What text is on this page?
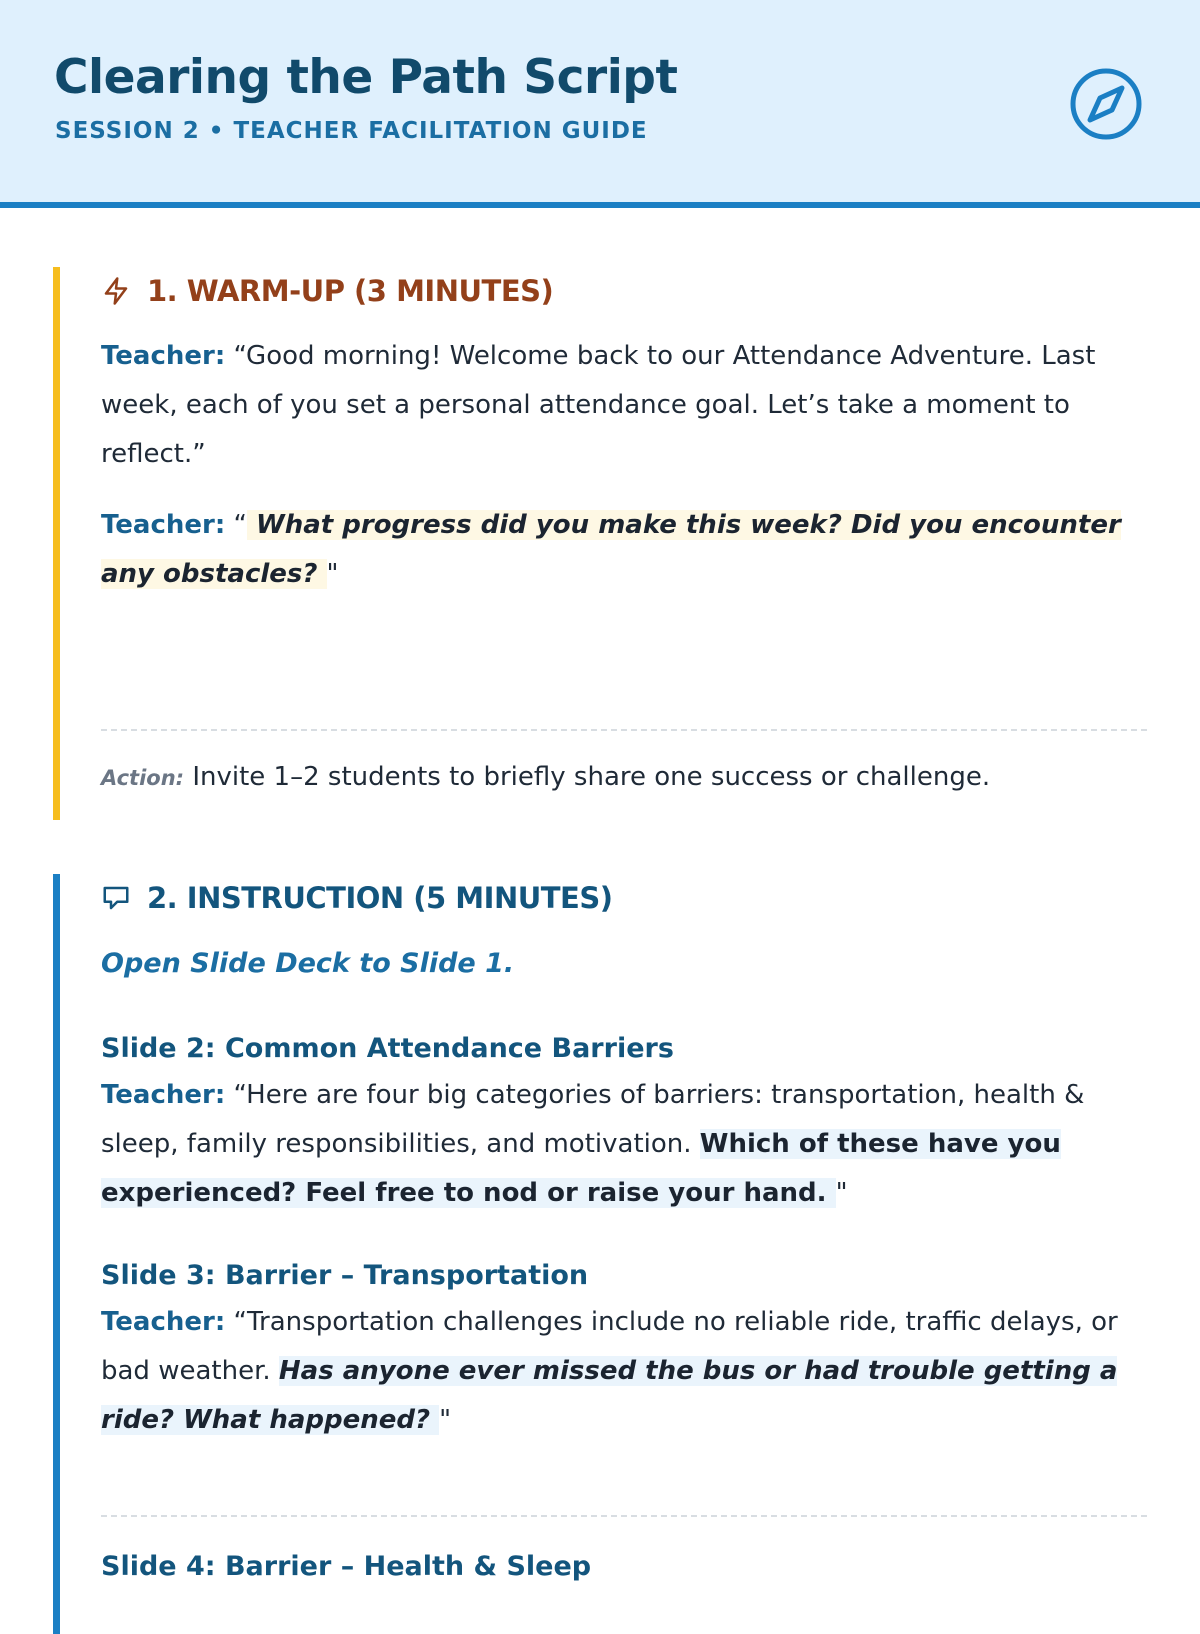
Clearing the Path Script
SESSION 2 • TEACHER FACILITATION GUIDE
1. WARM-UP (3 MINUTES)
Teacher: “Good morning! Welcome back to our Attendance Adventure. Last week, each of you set a personal attendance goal. Let’s take a moment to reflect.”
Teacher: “ What progress did you make this week? Did you encounter any obstacles? "
Action: Invite 1–2 students to briefly share one success or challenge.
2. INSTRUCTION (5 MINUTES)
Open Slide Deck to Slide 1.
Slide 2: Common Attendance Barriers
Teacher: “Here are four big categories of barriers: transportation, health & sleep, family responsibilities, and motivation. Which of these have you experienced? Feel free to nod or raise your hand. "
Slide 3: Barrier – Transportation
Teacher: “Transportation challenges include no reliable ride, traffic delays, or bad weather. Has anyone ever missed the bus or had trouble getting a ride? What happened? "
Slide 4: Barrier – Health & Sleep
